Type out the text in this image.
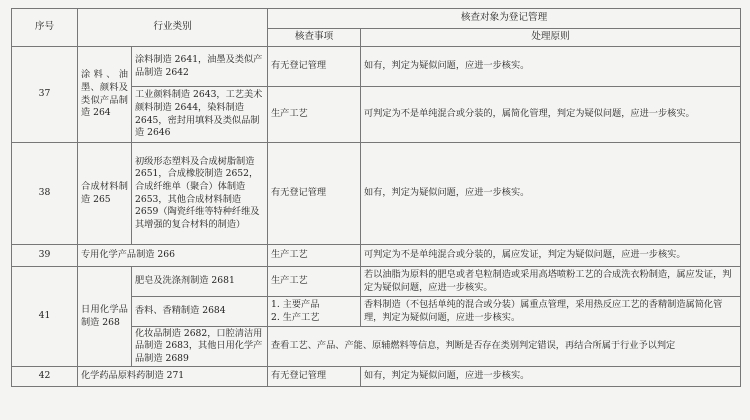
序号	行业类别		核查对象为登记管理	
			核查事项	处理原则
37	涂料、油墨、颜料及类似产品制造 264	涂料制造 2641，油墨及类似产品制造 2642	有无登记管理	如有，判定为疑似问题，应进一步核实。
		工业颜料制造 2643，工艺美术颜料制造 2644，染料制造 2645，密封用填料及类似品制造 2646	生产工艺	可判定为不是单纯混合或分装的，属简化管理，判定为疑似问题，应进一步核实。
38	合成材料制造 265	初级形态塑料及合成树脂制造 2651，合成橡胶制造 2652，合成纤维单（聚合）体制造 2653，其他合成材料制造 2659（陶瓷纤维等特种纤维及其增强的复合材料的制造）	有无登记管理	如有，判定为疑似问题，应进一步核实。
39	专用化学产品制造 266		生产工艺	可判定为不是单纯混合或分装的，属应发证，判定为疑似问题，应进一步核实。
41	日用化学品制造 268	肥皂及洗涤剂制造 2681	生产工艺	若以油脂为原料的肥皂或者皂粒制造或采用高塔喷粉工艺的合成洗衣粉制造，属应发证，判定为疑似问题，应进一步核实。
		香料、香精制造 2684	1. 主要产品
2. 生产工艺	香料制造（不包括单纯的混合或分装）属重点管理，采用热反应工艺的香精制造属简化管理，判定为疑似问题，应进一步核实。
		化妆品制造 2682，口腔清洁用品制造 2683，其他日用化学产品制造 2689	查看工艺、产品、产能、原辅燃料等信息，判断是否存在类别判定错误，再结合所属于行业予以判定	

42	化学药品原料药制造 271		有无登记管理	如有，判定为疑似问题，应进一步核实。
